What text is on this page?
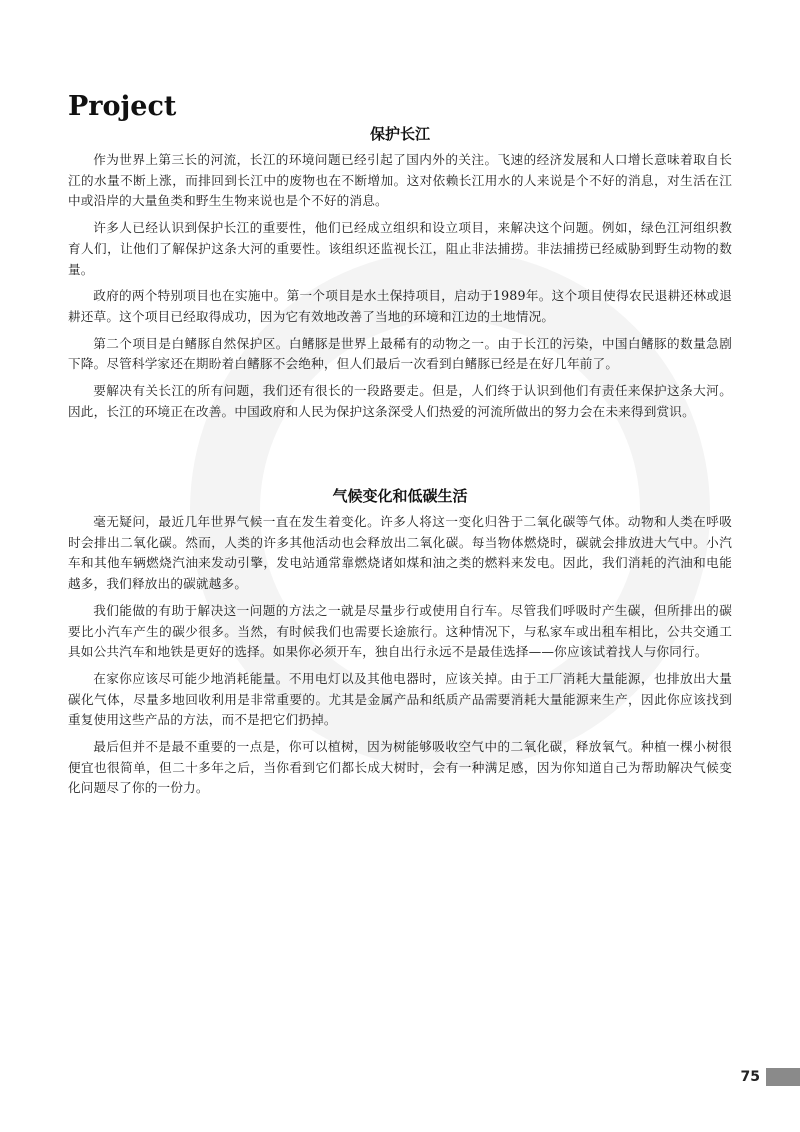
Project
保护长江

作为世界上第三长的河流，长江的环境问题已经引起了国内外的关注。飞速的经济发展和人口增长意味着取自长江的水量不断上涨，而排回到长江中的废物也在不断增加。这对依赖长江用水的人来说是个不好的消息，对生活在江中或沿岸的大量鱼类和野生生物来说也是个不好的消息。

许多人已经认识到保护长江的重要性，他们已经成立组织和设立项目，来解决这个问题。例如，绿色江河组织教育人们，让他们了解保护这条大河的重要性。该组织还监视长江，阻止非法捕捞。非法捕捞已经威胁到野生动物的数量。

政府的两个特别项目也在实施中。第一个项目是水土保持项目，启动于1989年。这个项目使得农民退耕还林或退耕还草。这个项目已经取得成功，因为它有效地改善了当地的环境和江边的土地情况。

第二个项目是白鳍豚自然保护区。白鳍豚是世界上最稀有的动物之一。由于长江的污染，中国白鳍豚的数量急剧下降。尽管科学家还在期盼着白鳍豚不会绝种，但人们最后一次看到白鳍豚已经是在好几年前了。

要解决有关长江的所有问题，我们还有很长的一段路要走。但是，人们终于认识到他们有责任来保护这条大河。因此，长江的环境正在改善。中国政府和人民为保护这条深受人们热爱的河流所做出的努力会在未来得到赏识。

气候变化和低碳生活

毫无疑问，最近几年世界气候一直在发生着变化。许多人将这一变化归咎于二氧化碳等气体。动物和人类在呼吸时会排出二氧化碳。然而，人类的许多其他活动也会释放出二氧化碳。每当物体燃烧时，碳就会排放进大气中。小汽车和其他车辆燃烧汽油来发动引擎，发电站通常靠燃烧诸如煤和油之类的燃料来发电。因此，我们消耗的汽油和电能越多，我们释放出的碳就越多。

我们能做的有助于解决这一问题的方法之一就是尽量步行或使用自行车。尽管我们呼吸时产生碳，但所排出的碳要比小汽车产生的碳少很多。当然，有时候我们也需要长途旅行。这种情况下，与私家车或出租车相比，公共交通工具如公共汽车和地铁是更好的选择。如果你必须开车，独自出行永远不是最佳选择——你应该试着找人与你同行。

在家你应该尽可能少地消耗能量。不用电灯以及其他电器时，应该关掉。由于工厂消耗大量能源，也排放出大量碳化气体，尽量多地回收利用是非常重要的。尤其是金属产品和纸质产品需要消耗大量能源来生产，因此你应该找到重复使用这些产品的方法，而不是把它们扔掉。

最后但并不是最不重要的一点是，你可以植树，因为树能够吸收空气中的二氧化碳，释放氧气。种植一棵小树很便宜也很简单，但二十多年之后，当你看到它们都长成大树时，会有一种满足感，因为你知道自己为帮助解决气候变化问题尽了你的一份力。

75
